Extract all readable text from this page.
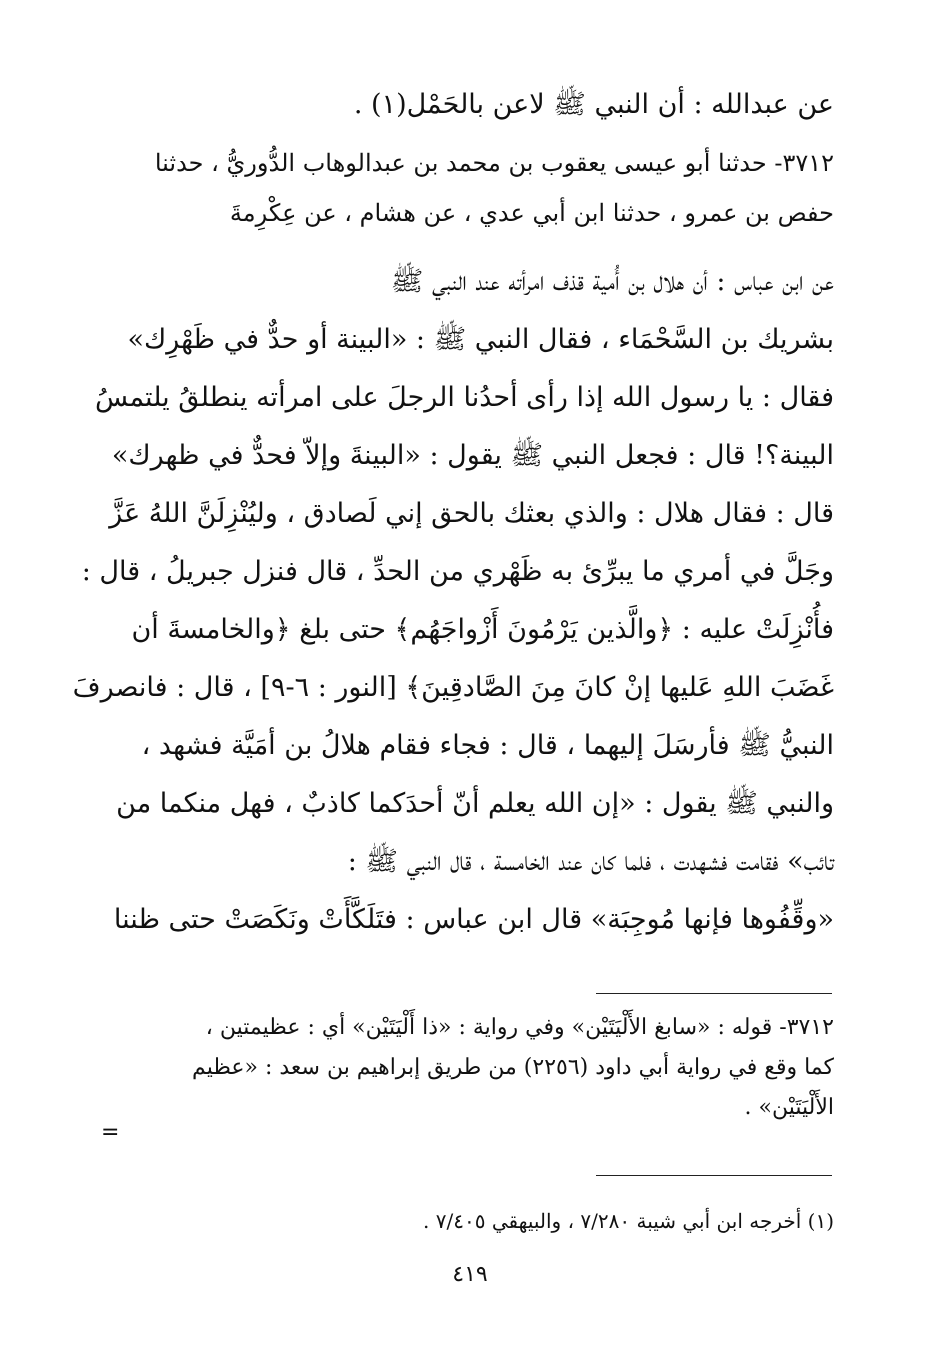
عن عبدالله : أن النبي ﷺ لاعن بالحَمْل(١) .
٣٧١٢- حدثنا أبو عيسى يعقوب بن محمد بن عبدالوهاب الدُّوريُّ ، حدثنا
حفص بن عمرو ، حدثنا ابن أبي عدي ، عن هشام ، عن عِكْرِمةَ
عن ابن عباس : أن هلال بن أُمية قذف امرأته عند النبي ﷺ
بشريك بن السَّحْمَاء ، فقال النبي ﷺ : «البينة أو حدٌّ في ظَهْرِك»
فقال : يا رسول الله إذا رأى أحدُنا الرجلَ على امرأته ينطلقُ يلتمسُ
البينة؟! قال : فجعل النبي ﷺ يقول : «البينةَ وإلاّ فحدٌّ في ظهرك»
قال : فقال هلال : والذي بعثك بالحق إني لَصادق ، وليُنْزِلَنَّ اللهُ عَزَّ
وجَلَّ في أمري ما يبرِّئ به ظَهْري من الحدِّ ، قال فنزل جبريلُ ، قال :
فأُنْزِلَتْ عليه : ﴿والَّذين يَرْمُونَ أَزْواجَهُم﴾ حتى بلغ ﴿والخامسةَ أن
غَضَبَ اللهِ عَليها إنْ كانَ مِنَ الصَّادقِينَ﴾ [النور : ٦-٩] ، قال : فانصرفَ
النبيُّ ﷺ فأرسَلَ إليهما ، قال : فجاء فقام هلالُ بن أمَيَّة فشهد ،
والنبي ﷺ يقول : «إن الله يعلم أنّ أحدَكما كاذبٌ ، فهل منكما من
تائب» فقامت فشهدت ، فلما كان عند الخامسة ، قال النبي ﷺ :
«وقِّفُوها فإنها مُوجِبَة» قال ابن عباس : فتَلَكَّأَتْ ونَكَصَتْ حتى ظننا
٣٧١٢- قوله : «سابغ الأَلْيَتَيْن» وفي رواية : «ذا أَلْيَتَيْن» أي : عظيمتين ،
كما وقع في رواية أبي داود (٢٢٥٦) من طريق إبراهيم بن سعد : «عظيم
الأَلْيَتَيْن» .
=
(١) أخرجه ابن أبي شيبة ٧/٢٨٠ ، والبيهقي ٧/٤٠٥ .
٤١٩
